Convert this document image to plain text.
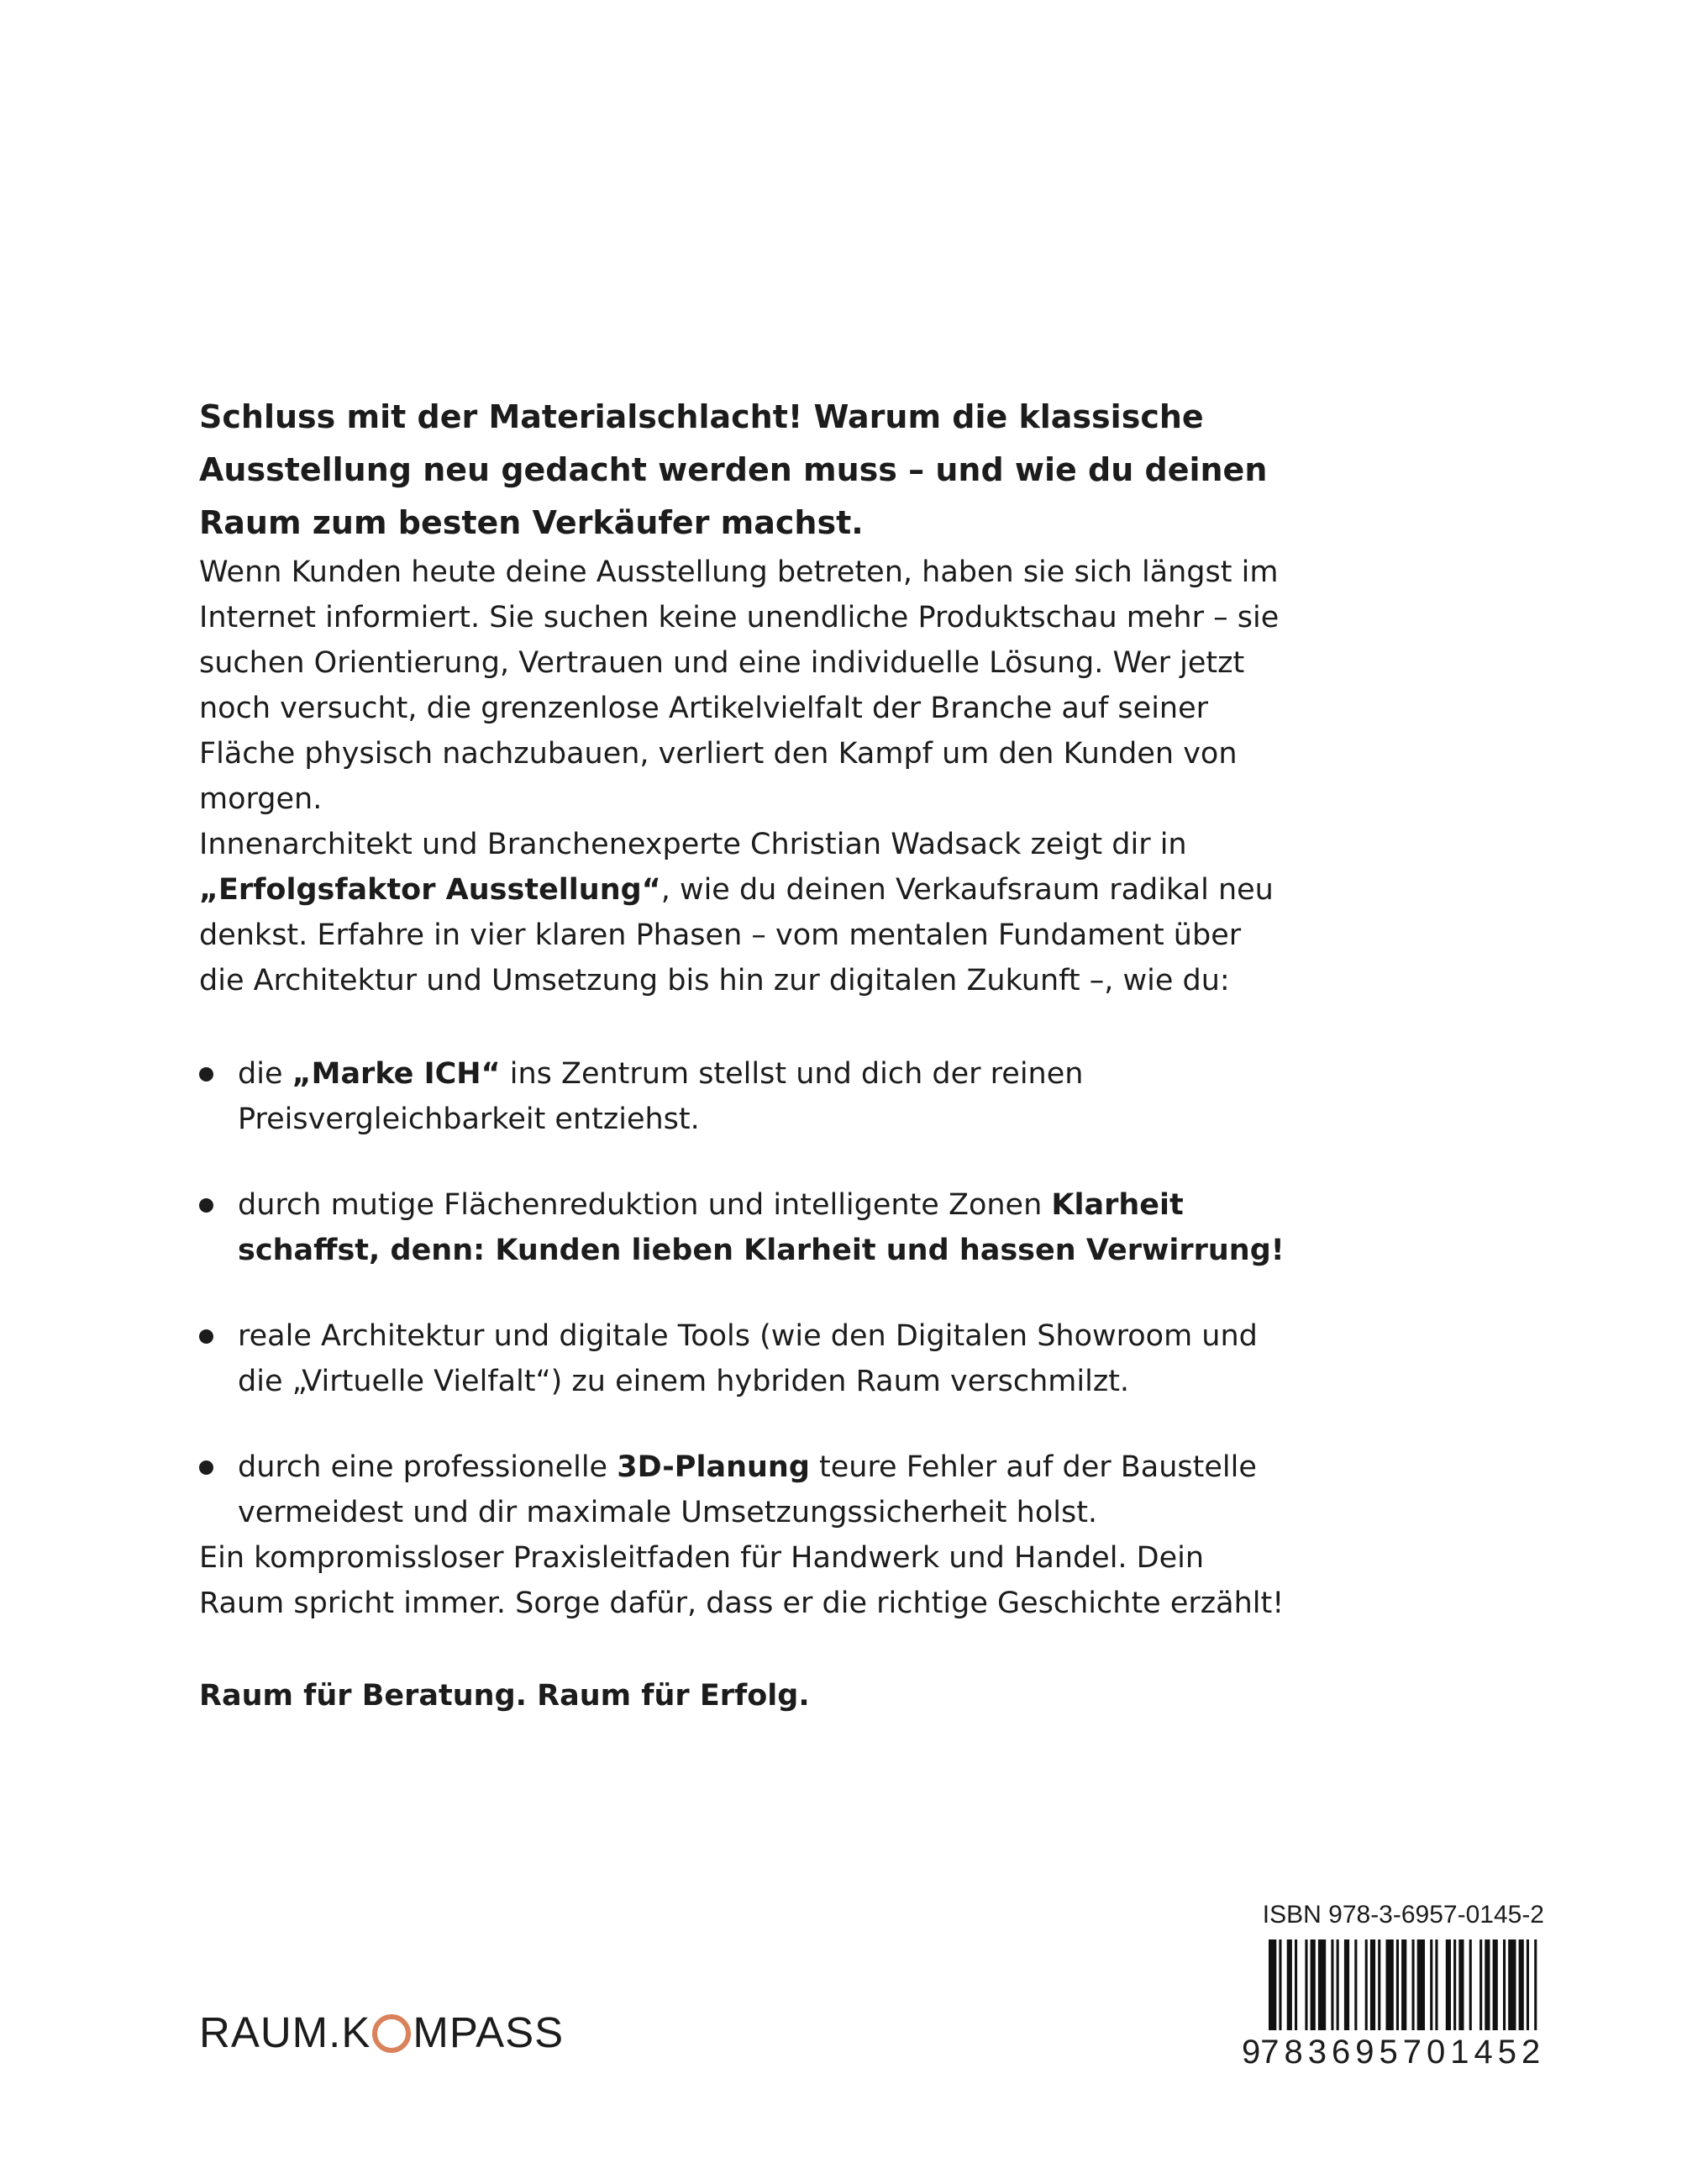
Schluss mit der Materialschlacht! Warum die klassische Ausstellung neu gedacht werden muss – und wie du deinen Raum zum besten Verkäufer machst.

Wenn Kunden heute deine Ausstellung betreten, haben sie sich längst im Internet informiert. Sie suchen keine unendliche Produktschau mehr – sie suchen Orientierung, Vertrauen und eine individuelle Lösung. Wer jetzt noch versucht, die grenzenlose Artikelvielfalt der Branche auf seiner Fläche physisch nachzubauen, verliert den Kampf um den Kunden von morgen.

Innenarchitekt und Branchenexperte Christian Wadsack zeigt dir in „Erfolgsfaktor Ausstellung“, wie du deinen Verkaufsraum radikal neu denkst. Erfahre in vier klaren Phasen – vom mentalen Fundament über die Architektur und Umsetzung bis hin zur digitalen Zukunft –, wie du:

die „Marke ICH“ ins Zentrum stellst und dich der reinen Preisvergleichbarkeit entziehst.
durch mutige Flächenreduktion und intelligente Zonen Klarheit schaffst, denn: Kunden lieben Klarheit und hassen Verwirrung!
reale Architektur und digitale Tools (wie den Digitalen Showroom und die „Virtuelle Vielfalt“) zu einem hybriden Raum verschmilzt.
durch eine professionelle 3D-Planung teure Fehler auf der Baustelle vermeidest und dir maximale Umsetzungssicherheit holst.

Ein kompromissloser Praxisleitfaden für Handwerk und Handel. Dein Raum spricht immer. Sorge dafür, dass er die richtige Geschichte erzählt!

Raum für Beratung. Raum für Erfolg.

RAUM.K MPASS
ISBN 978-3-6957-0145-2
9 783695 701452
